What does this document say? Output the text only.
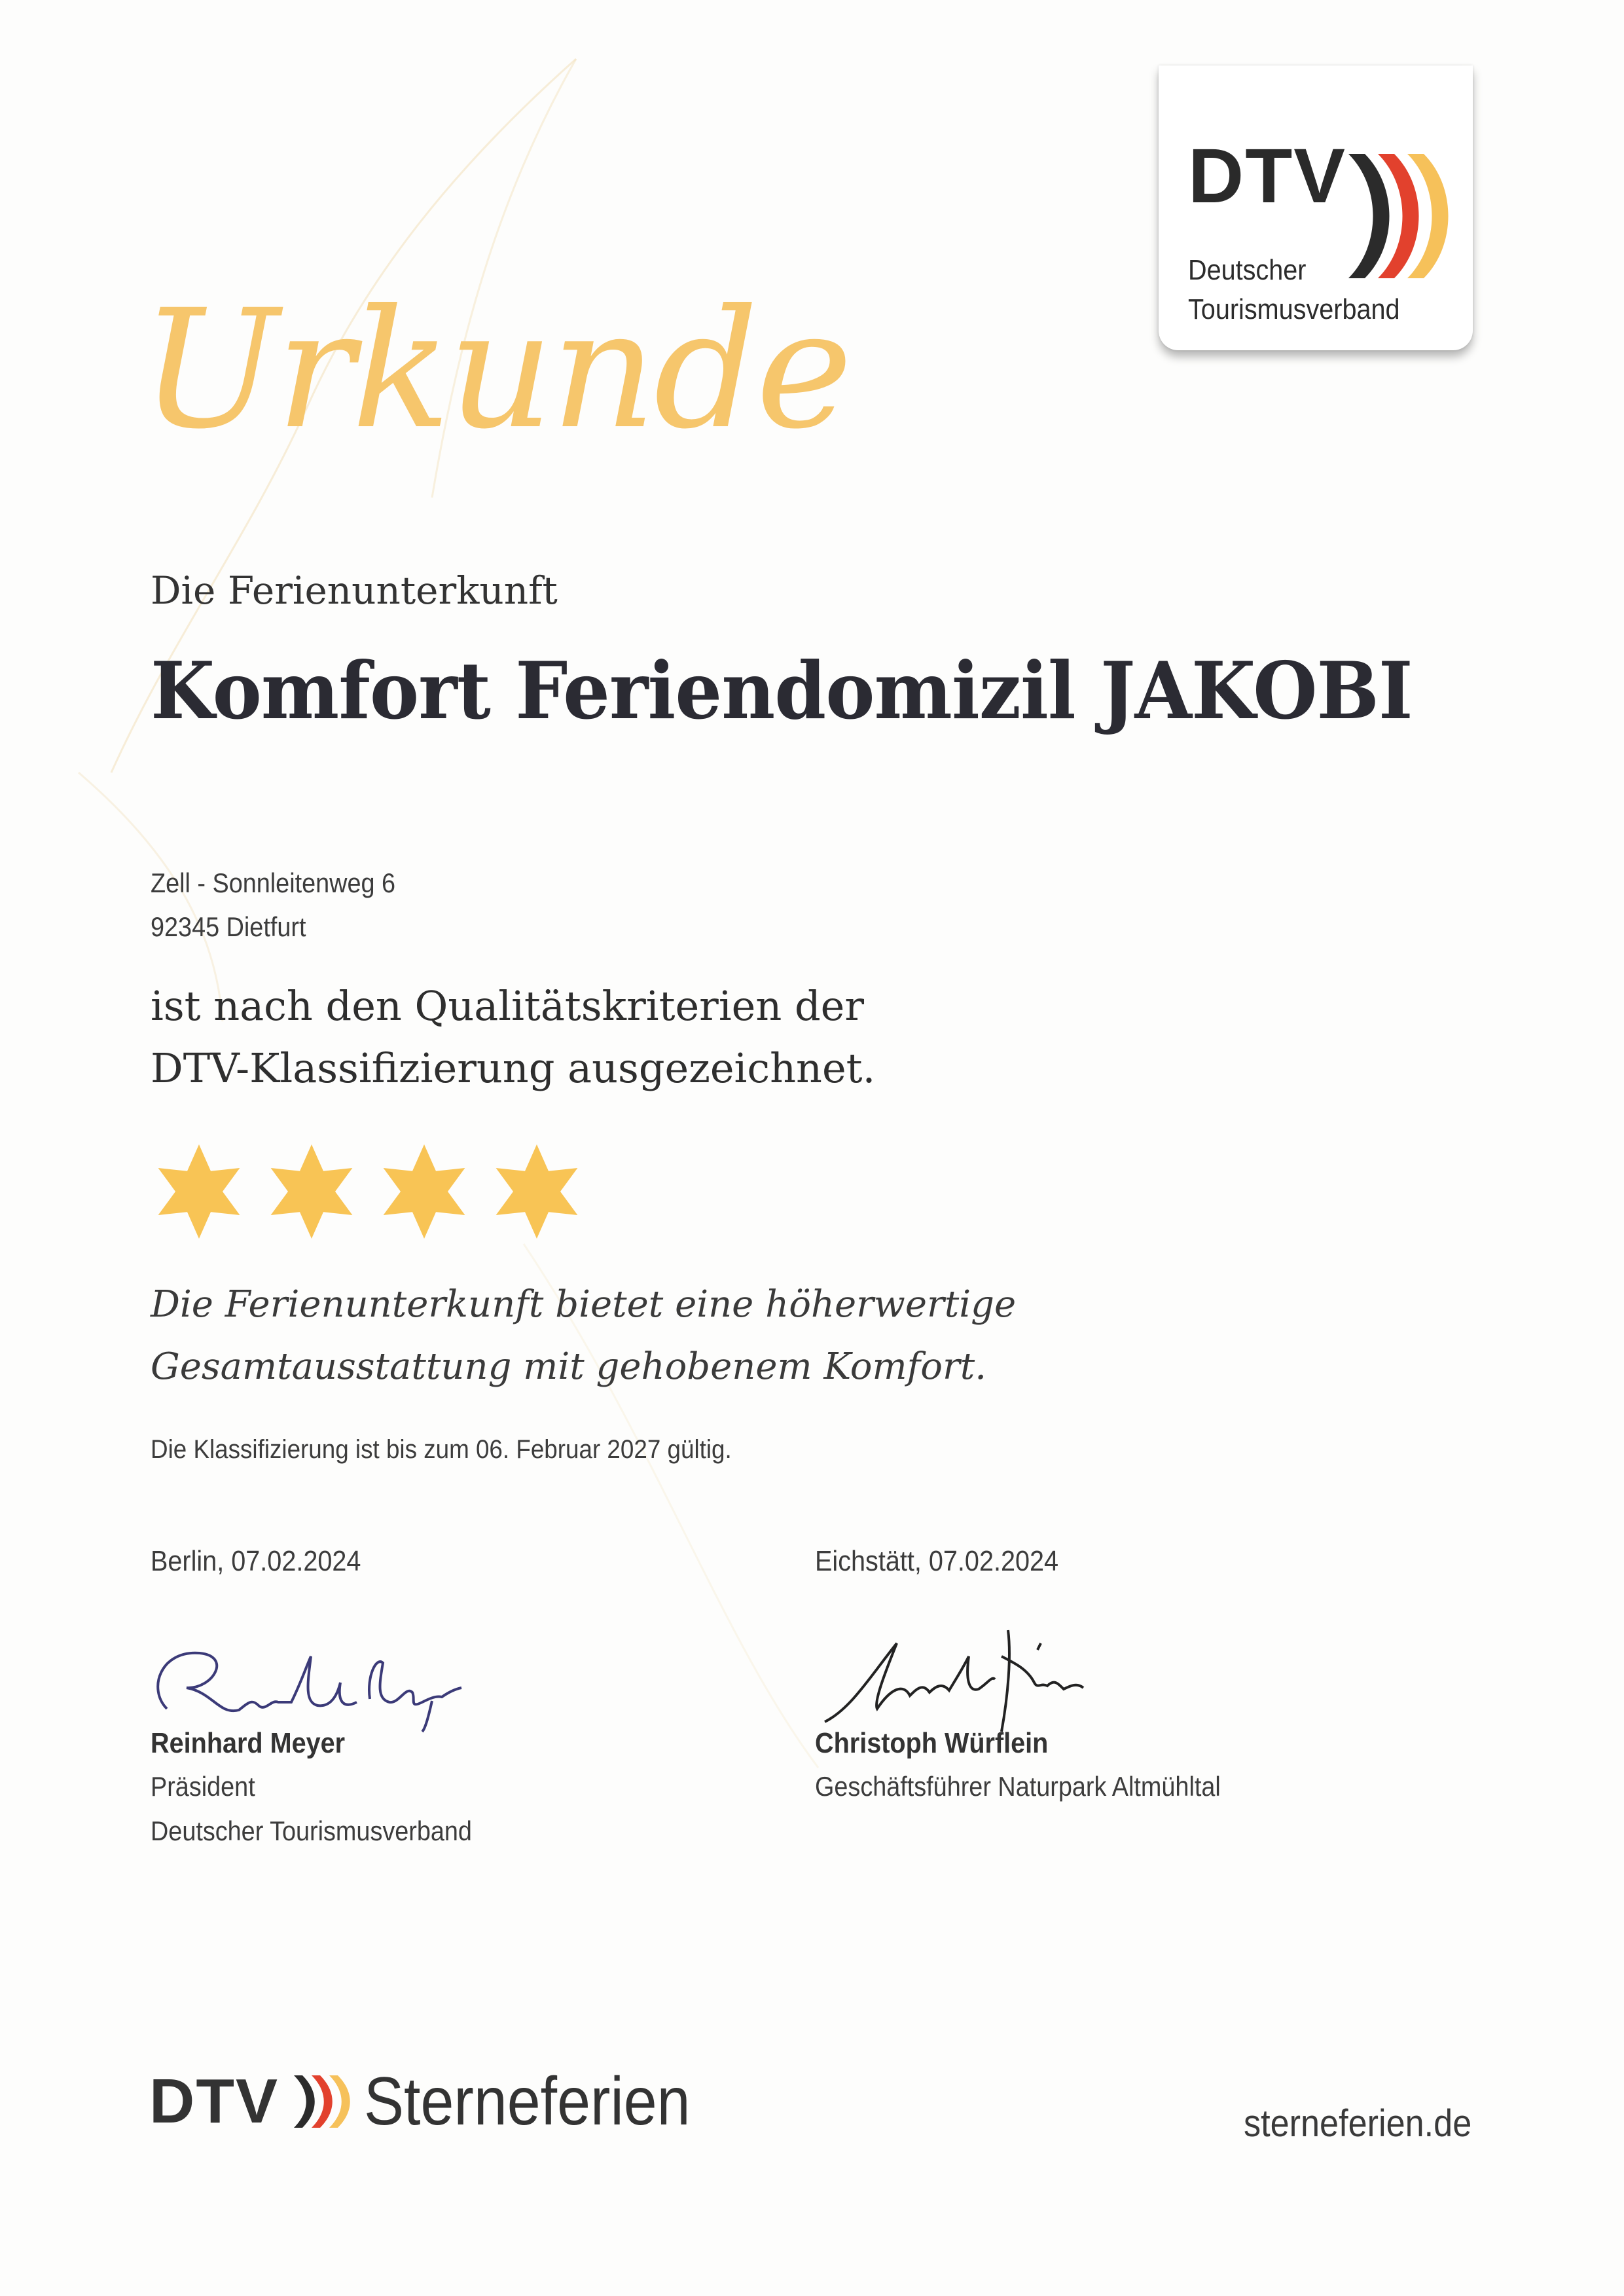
DTV
Deutscher
Tourismusverband
Urkunde
Die Ferienunterkunft
Komfort Feriendomizil JAKOBI
Zell - Sonnleitenweg 6
92345 Dietfurt
ist nach den Qualitätskriterien der
DTV-Klassifizierung ausgezeichnet.
Die Ferienunterkunft bietet eine höherwertige
Gesamtausstattung mit gehobenem Komfort.
Die Klassifizierung ist bis zum 06. Februar 2027 gültig.
Berlin, 07.02.2024
Reinhard Meyer
Präsident
Deutscher Tourismusverband
Eichstätt, 07.02.2024
Christoph Würflein
Geschäftsführer Naturpark Altmühltal
DTV Sterneferien	sterneferien.de
